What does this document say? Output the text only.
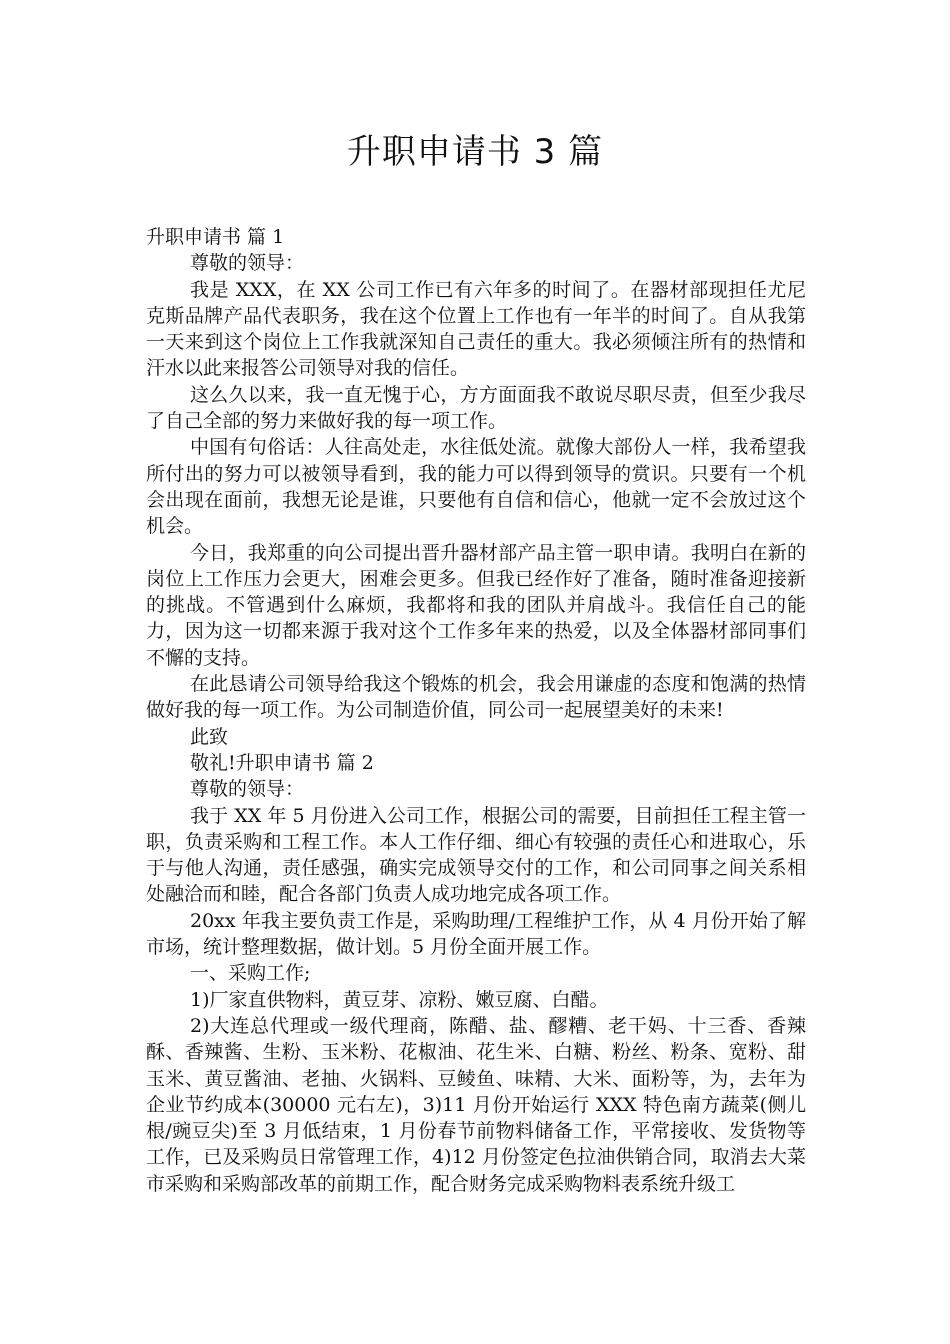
升职申请书 3 篇

升职申请书 篇 1

尊敬的领导：

我是 XXX，在 XX 公司工作已有六年多的时间了。在器材部现担任尤尼克斯品牌产品代表职务，我在这个位置上工作也有一年半的时间了。自从我第一天来到这个岗位上工作我就深知自己责任的重大。我必须倾注所有的热情和汗水以此来报答公司领导对我的信任。

这么久以来，我一直无愧于心，方方面面我不敢说尽职尽责，但至少我尽了自己全部的努力来做好我的每一项工作。

中国有句俗话：人往高处走，水往低处流。就像大部份人一样，我希望我所付出的努力可以被领导看到，我的能力可以得到领导的赏识。只要有一个机会出现在面前，我想无论是谁，只要他有自信和信心，他就一定不会放过这个机会。

今日，我郑重的向公司提出晋升器材部产品主管一职申请。我明白在新的岗位上工作压力会更大，困难会更多。但我已经作好了准备，随时准备迎接新的挑战。不管遇到什么麻烦，我都将和我的团队并肩战斗。我信任自己的能力，因为这一切都来源于我对这个工作多年来的热爱，以及全体器材部同事们不懈的支持。

在此恳请公司领导给我这个锻炼的机会，我会用谦虚的态度和饱满的热情做好我的每一项工作。为公司制造价值，同公司一起展望美好的未来!

此致

敬礼!升职申请书 篇 2

尊敬的领导：

我于 XX 年 5 月份进入公司工作，根据公司的需要，目前担任工程主管一职，负责采购和工程工作。本人工作仔细、细心有较强的责任心和进取心，乐于与他人沟通，责任感强，确实完成领导交付的工作，和公司同事之间关系相处融洽而和睦，配合各部门负责人成功地完成各项工作。

20xx 年我主要负责工作是，采购助理/工程维护工作，从 4 月份开始了解市场，统计整理数据，做计划。5 月份全面开展工作。

一、采购工作;

1)厂家直供物料，黄豆芽、凉粉、嫩豆腐、白醋。

2)大连总代理或一级代理商，陈醋、盐、醪糟、老干妈、十三香、香辣酥、香辣酱、生粉、玉米粉、花椒油、花生米、白糖、粉丝、粉条、宽粉、甜玉米、黄豆酱油、老抽、火锅料、豆鲮鱼、味精、大米、面粉等，为，去年为企业节约成本(30000 元右左)，3)11 月份开始运行 XXX 特色南方蔬菜(侧儿根/豌豆尖)至 3 月低结束，1 月份春节前物料储备工作，平常接收、发货物等工作，已及采购员日常管理工作，4)12 月份签定色拉油供销合同，取消去大菜市采购和采购部改革的前期工作，配合财务完成采购物料表系统升级工
